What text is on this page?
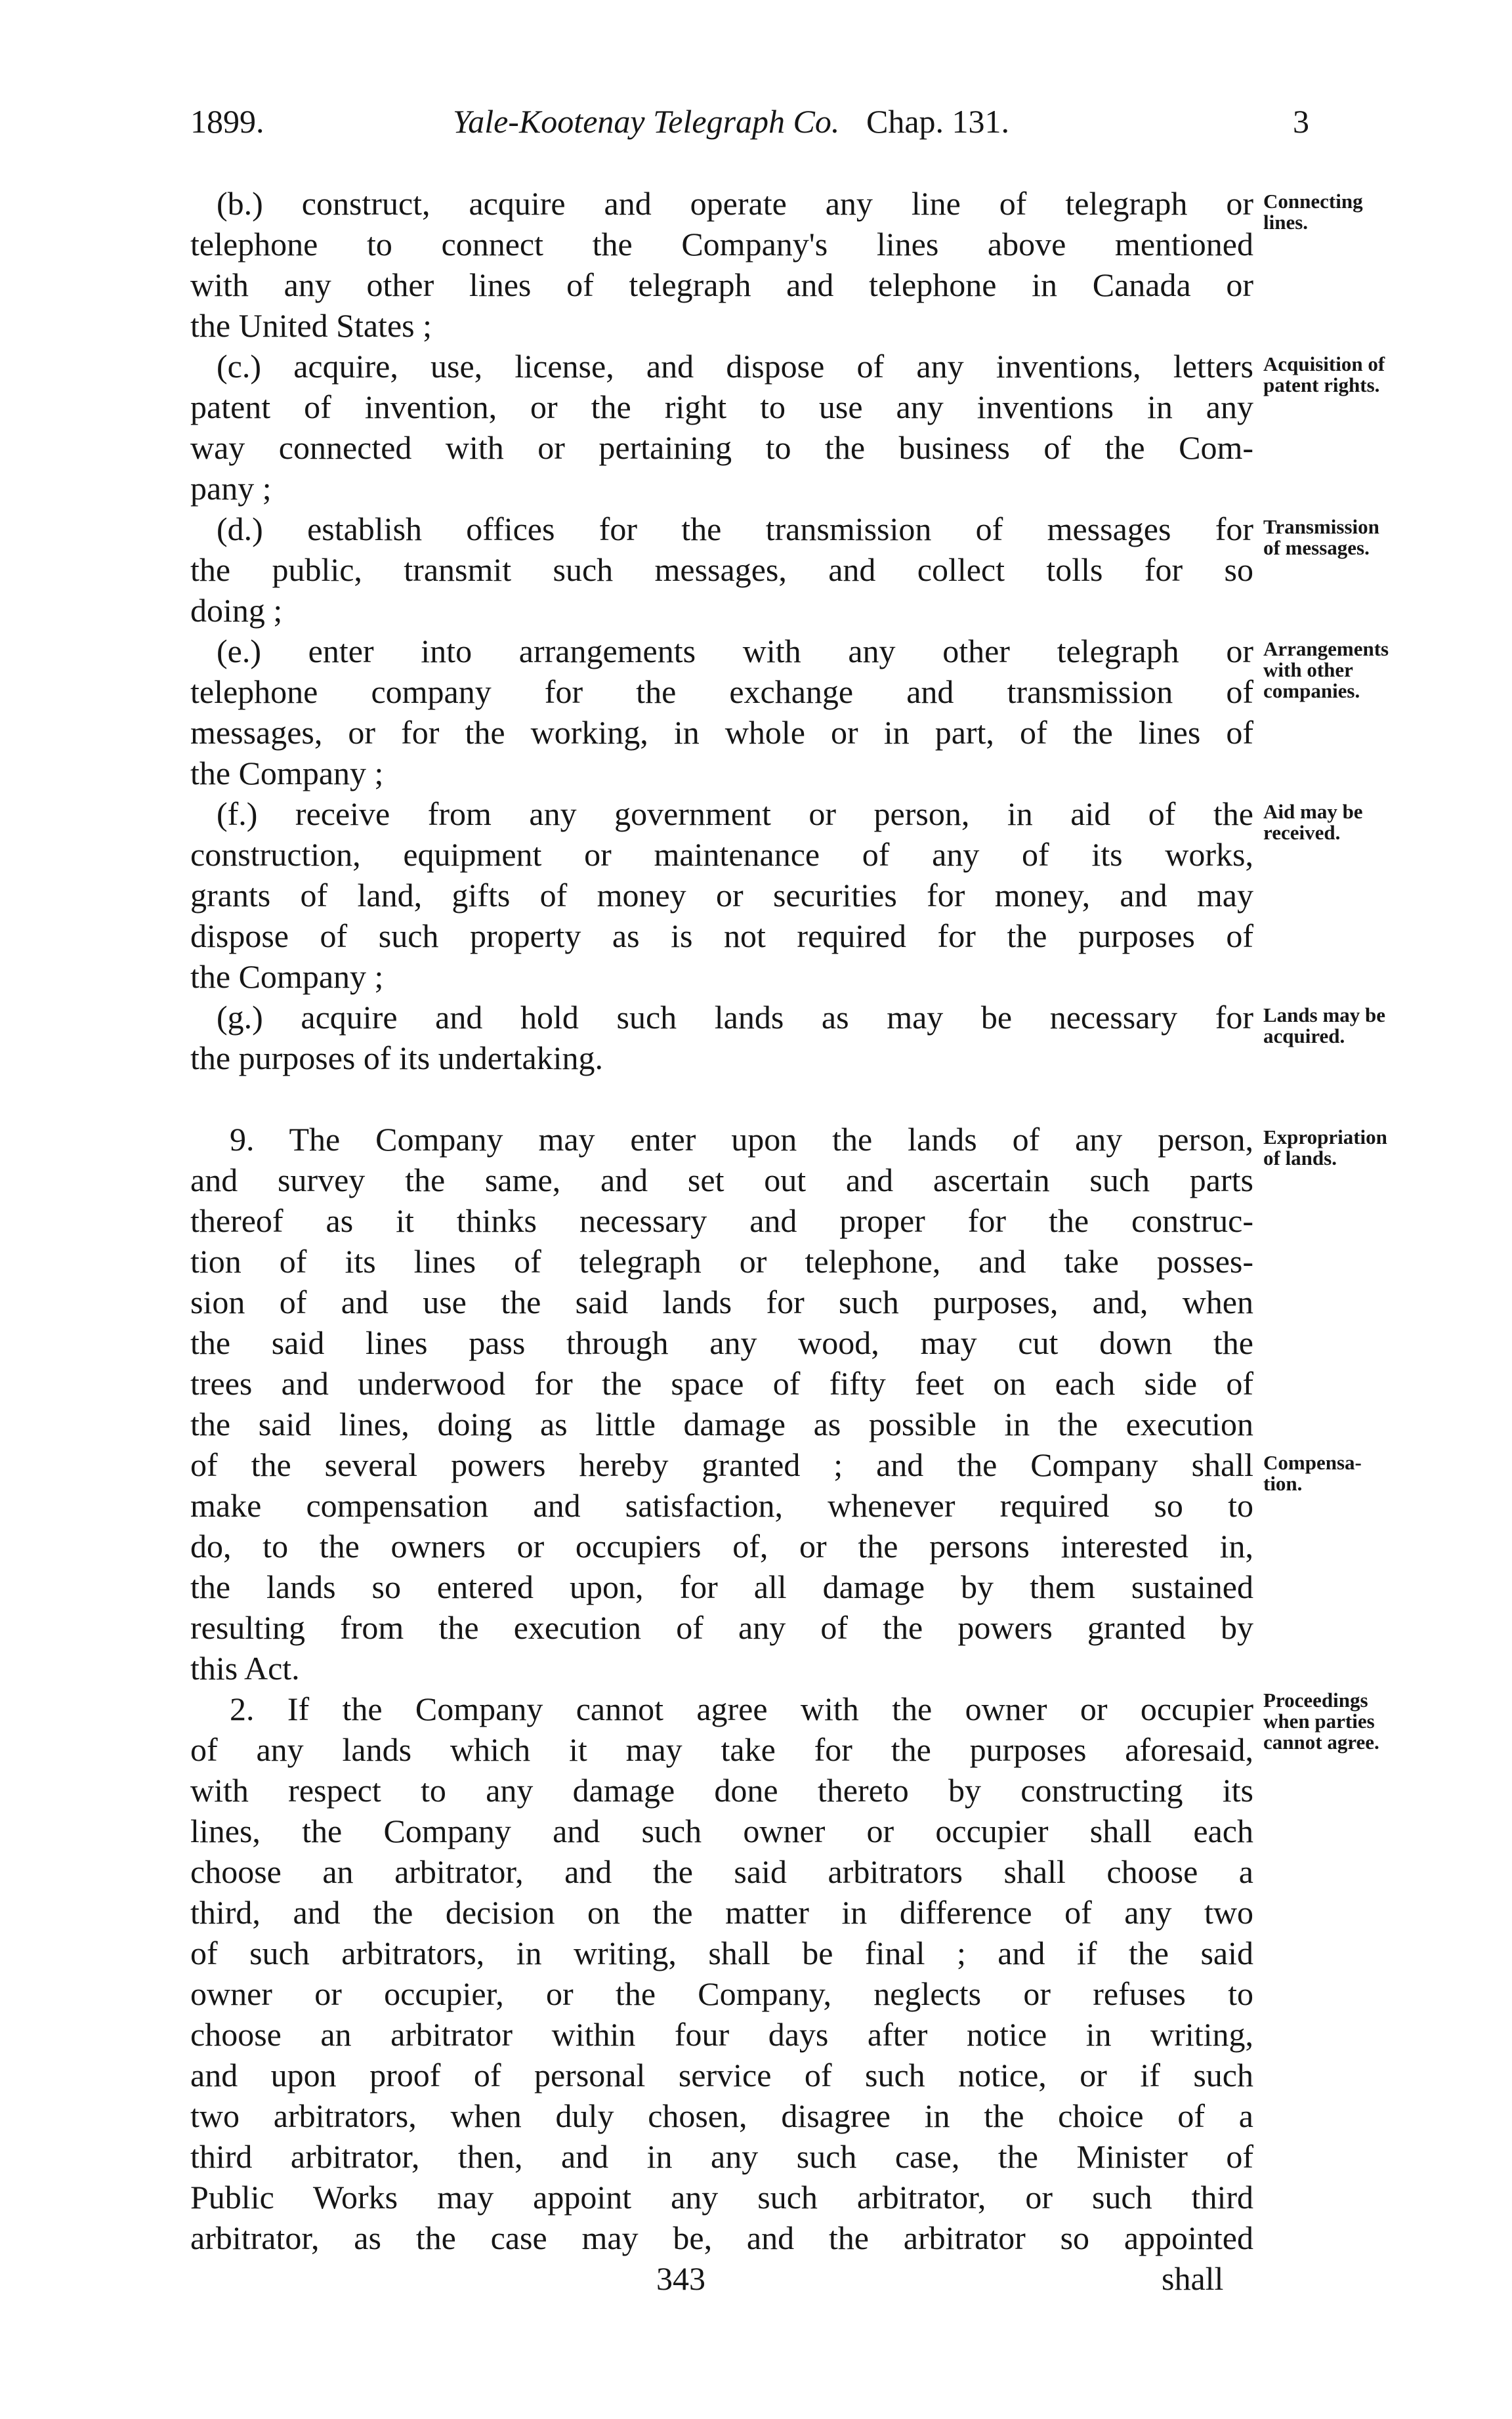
1899.	Yale-Kootenay Telegraph Co. Chap. 131.	3
(b.) construct, acquire and operate any line of telegraph or
telephone to connect the Company's lines above mentioned
with any other lines of telegraph and telephone in Canada or
the United States ;
(c.) acquire, use, license, and dispose of any inventions, letters
patent of invention, or the right to use any inventions in any
way connected with or pertaining to the business of the Com-
pany ;
(d.) establish offices for the transmission of messages for
the public, transmit such messages, and collect tolls for so
doing ;
(e.) enter into arrangements with any other telegraph or
telephone company for the exchange and transmission of
messages, or for the working, in whole or in part, of the lines of
the Company ;
(f.) receive from any government or person, in aid of the
construction, equipment or maintenance of any of its works,
grants of land, gifts of money or securities for money, and may
dispose of such property as is not required for the purposes of
the Company ;
(g.) acquire and hold such lands as may be necessary for
the purposes of its undertaking.
9. The Company may enter upon the lands of any person,
and survey the same, and set out and ascertain such parts
thereof as it thinks necessary and proper for the construc-
tion of its lines of telegraph or telephone, and take posses-
sion of and use the said lands for such purposes, and, when
the said lines pass through any wood, may cut down the
trees and underwood for the space of fifty feet on each side of
the said lines, doing as little damage as possible in the execution
of the several powers hereby granted ; and the Company shall
make compensation and satisfaction, whenever required so to
do, to the owners or occupiers of, or the persons interested in,
the lands so entered upon, for all damage by them sustained
resulting from the execution of any of the powers granted by
this Act.
2. If the Company cannot agree with the owner or occupier
of any lands which it may take for the purposes aforesaid,
with respect to any damage done thereto by constructing its
lines, the Company and such owner or occupier shall each
choose an arbitrator, and the said arbitrators shall choose a
third, and the decision on the matter in difference of any two
of such arbitrators, in writing, shall be final ; and if the said
owner or occupier, or the Company, neglects or refuses to
choose an arbitrator within four days after notice in writing,
and upon proof of personal service of such notice, or if such
two arbitrators, when duly chosen, disagree in the choice of a
third arbitrator, then, and in any such case, the Minister of
Public Works may appoint any such arbitrator, or such third
arbitrator, as the case may be, and the arbitrator so appointed
Connecting
lines.
Acquisition of
patent rights.
Transmission
of messages.
Arrangements
with other
companies.
Aid may be
received.
Lands may be
acquired.
Expropriation
of lands.
Compensa-
tion.
Proceedings
when parties
cannot agree.
343	shall
